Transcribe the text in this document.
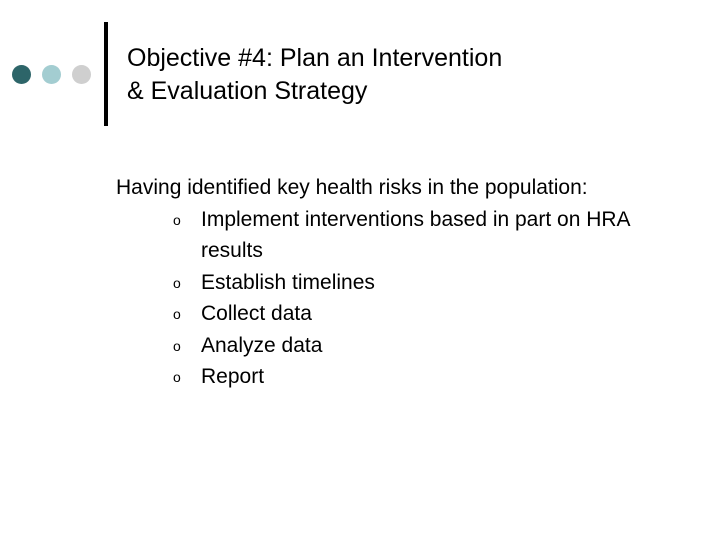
Objective #4: Plan an Intervention
& Evaluation Strategy

Having identified key health risks in the population:

o Implement interventions based in part on HRA results
o Establish timelines
o Collect data
o Analyze data
o Report
